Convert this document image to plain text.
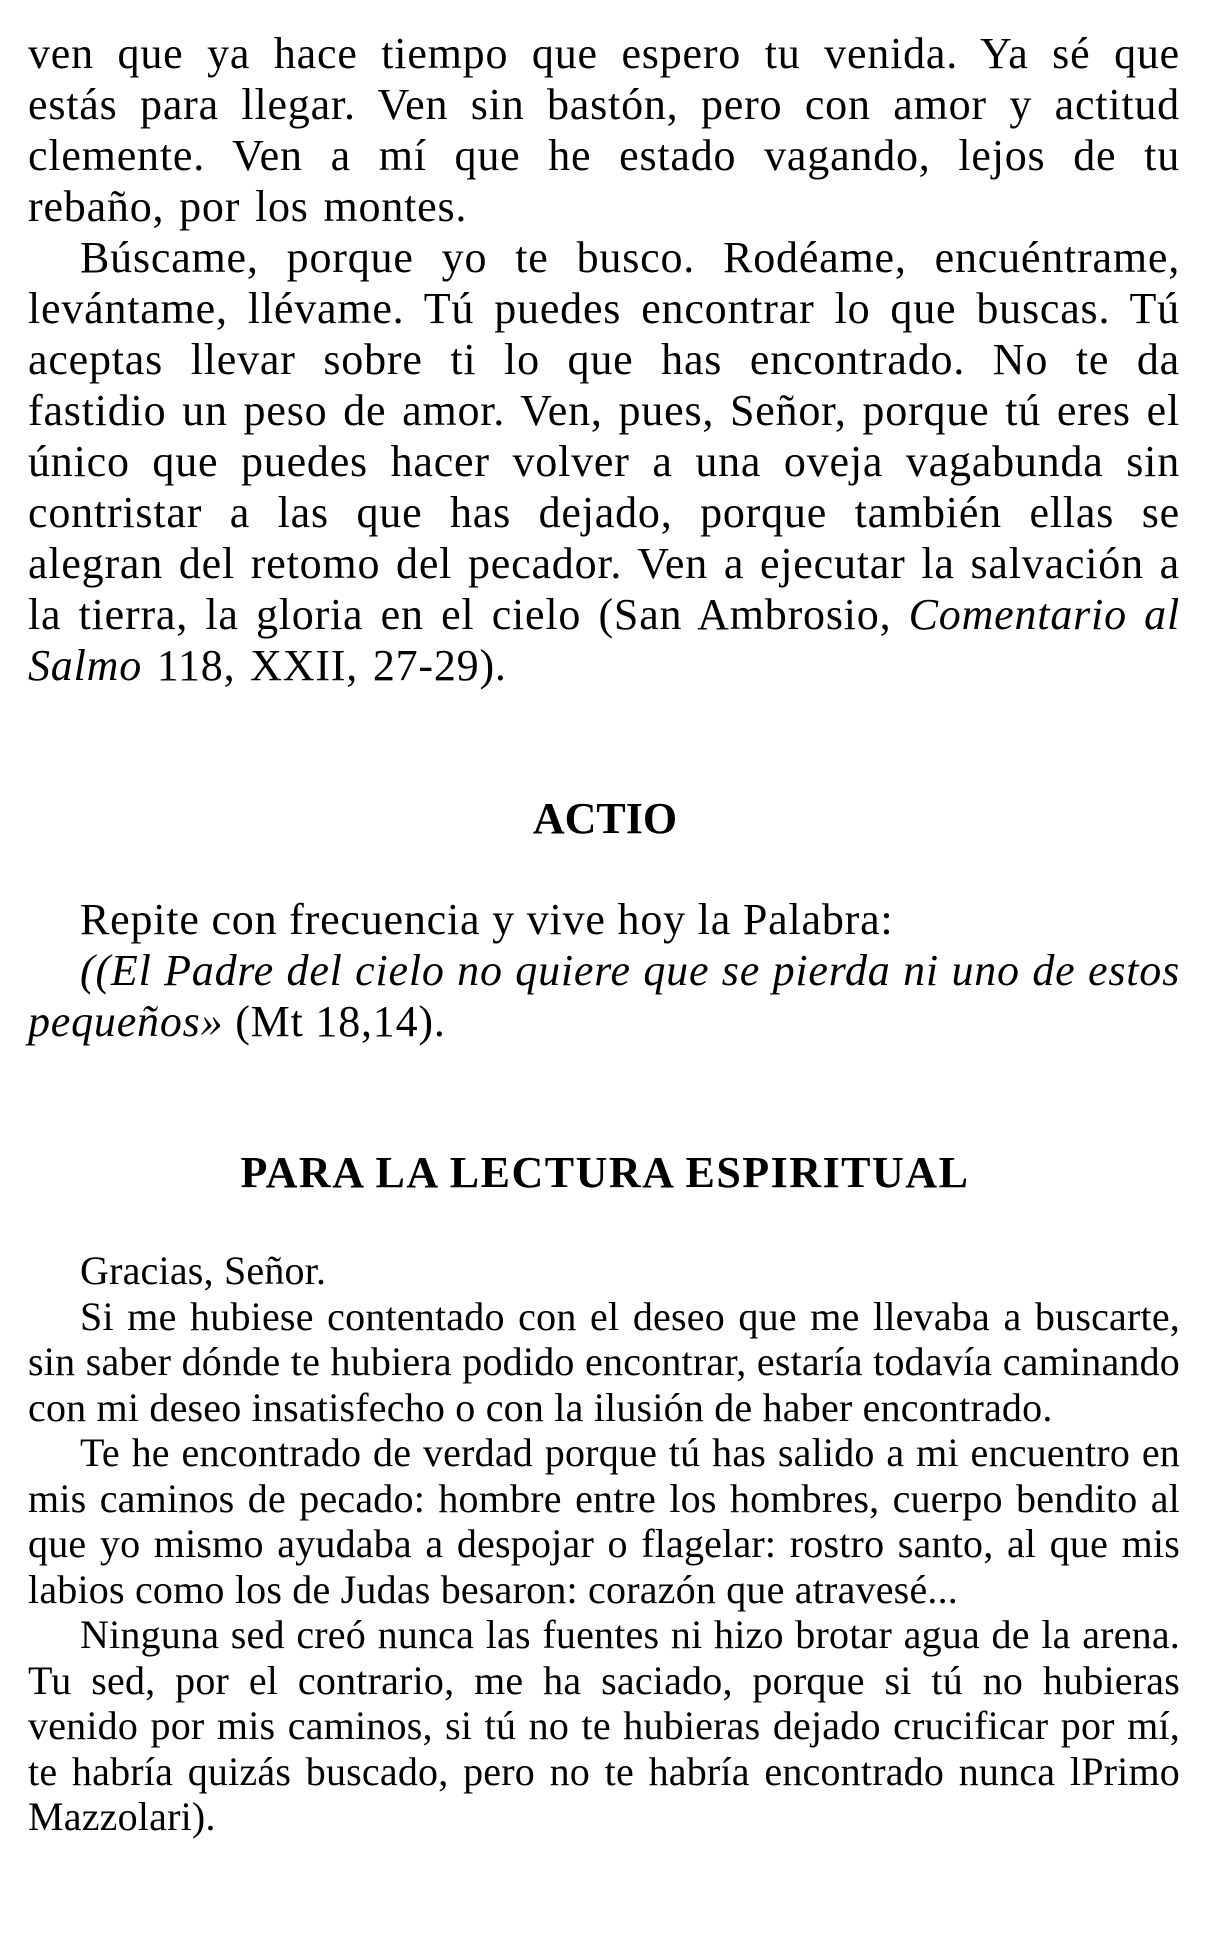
ven que ya hace tiempo que espero tu venida. Ya sé que estás para llegar. Ven sin bastón, pero con amor y actitud clemente. Ven a mí que he estado vagando, lejos de tu rebaño, por los montes.

Búscame, porque yo te busco. Rodéame, encuéntrame, levántame, llévame. Tú puedes encontrar lo que buscas. Tú aceptas llevar sobre ti lo que has encontrado. No te da fastidio un peso de amor. Ven, pues, Señor, porque tú eres el único que puedes hacer volver a una oveja vagabunda sin contristar a las que has dejado, porque también ellas se alegran del retomo del pecador. Ven a ejecutar la salvación a la tierra, la gloria en el cielo (San Ambrosio, Comentario al Salmo 118, XXII, 27-29).

ACTIO

Repite con frecuencia y vive hoy la Palabra:

((El Padre del cielo no quiere que se pierda ni uno de estos pequeños» (Mt 18,14).

PARA LA LECTURA ESPIRITUAL

Gracias, Señor.

Si me hubiese contentado con el deseo que me llevaba a buscarte, sin saber dónde te hubiera podido encontrar, estaría todavía caminando con mi deseo insatisfecho o con la ilusión de haber encontrado.

Te he encontrado de verdad porque tú has salido a mi encuentro en mis caminos de pecado: hombre entre los hombres, cuerpo bendito al que yo mismo ayudaba a despojar o flagelar: rostro santo, al que mis labios como los de Judas besaron: corazón que atravesé...

Ninguna sed creó nunca las fuentes ni hizo brotar agua de la arena. Tu sed, por el contrario, me ha saciado, porque si tú no hubieras venido por mis caminos, si tú no te hubieras dejado crucificar por mí, te habría quizás buscado, pero no te habría encontrado nunca lPrimo Mazzolari).
